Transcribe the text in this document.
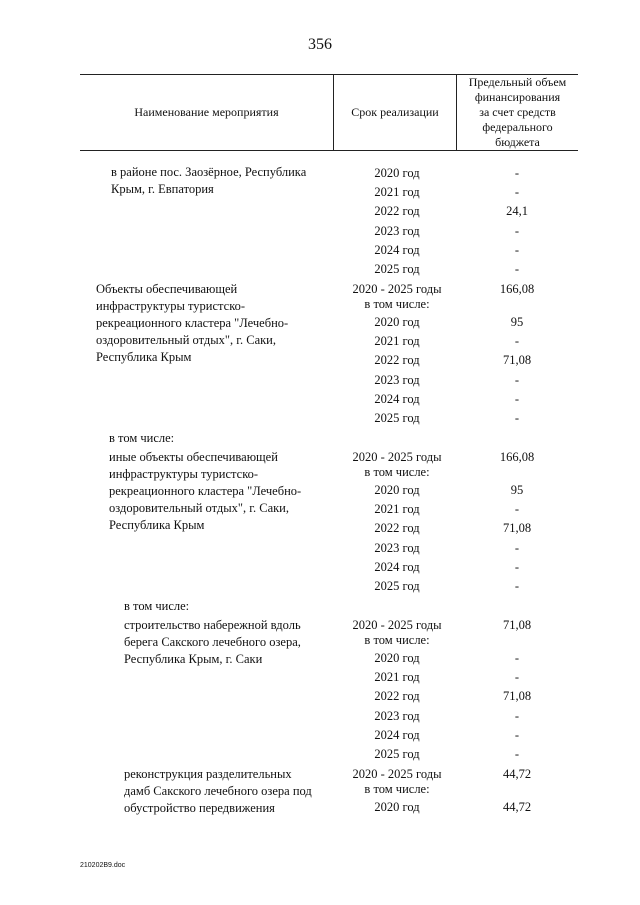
356
Наименование мероприятия	Срок реализации
Предельный объем
финансирования
за счет средств
федерального
бюджета
в районе пос. Заозёрное, Республика
Крым, г. Евпатория
2020 год
2021 год
2022 год
2023 год
2024 год
2025 год
-
-
24,1
-
-
-
Объекты обеспечивающей
инфраструктуры туристско-
рекреационного кластера "Лечебно-
оздоровительный отдых", г. Саки,
Республика Крым
2020 - 2025 годы
в том числе:
2020 год
2021 год
2022 год
2023 год
2024 год
2025 год
166,08
95
-
71,08
-
-
-
в том числе:
иные объекты обеспечивающей
инфраструктуры туристско-
рекреационного кластера "Лечебно-
оздоровительный отдых", г. Саки,
Республика Крым
2020 - 2025 годы
в том числе:
2020 год
2021 год
2022 год
2023 год
2024 год
2025 год
166,08
95
-
71,08
-
-
-
в том числе:
строительство набережной вдоль
берега Сакского лечебного озера,
Республика Крым, г. Саки
2020 - 2025 годы
в том числе:
2020 год
2021 год
2022 год
2023 год
2024 год
2025 год
71,08
-
-
71,08
-
-
-
реконструкция разделительных
дамб Сакского лечебного озера под
обустройство передвижения
2020 - 2025 годы
в том числе:
2020 год
44,72
44,72
210202B9.doc
